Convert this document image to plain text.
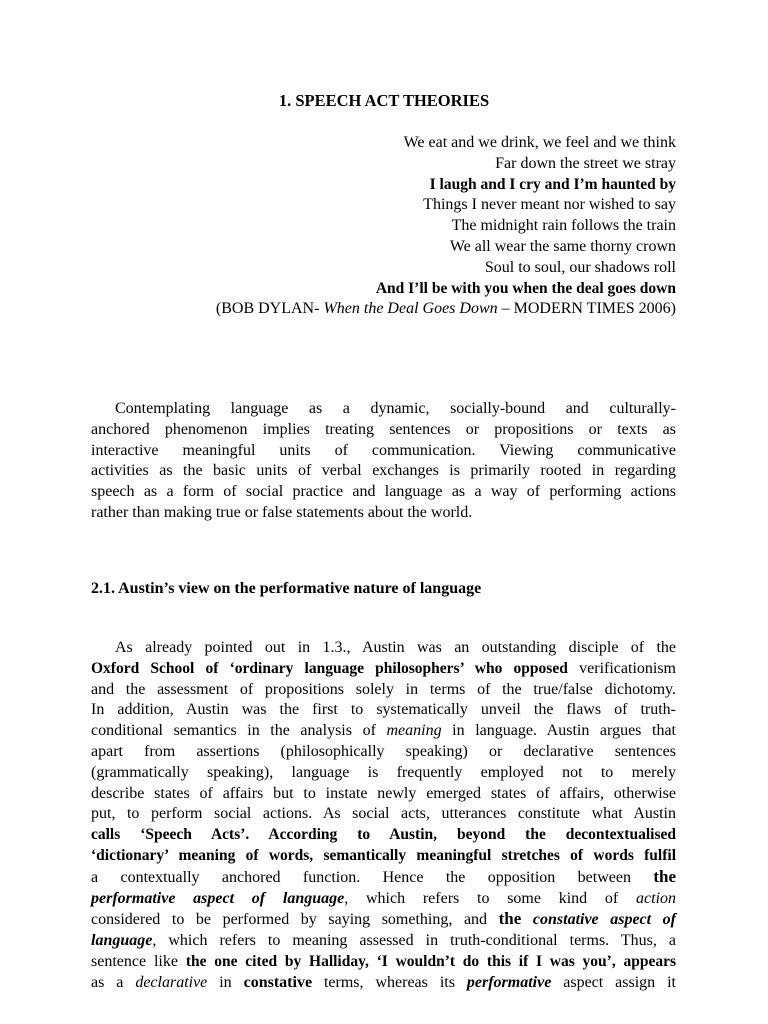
1. SPEECH ACT THEORIES
We eat and we drink, we feel and we think
Far down the street we stray
I laugh and I cry and I’m haunted by
Things I never meant nor wished to say
The midnight rain follows the train
We all wear the same thorny crown
Soul to soul, our shadows roll
And I’ll be with you when the deal goes down
(BOB DYLAN- When the Deal Goes Down – MODERN TIMES 2006)
Contemplating language as a dynamic, socially-bound and culturally-
anchored phenomenon implies treating sentences or propositions or texts as
interactive meaningful units of communication. Viewing communicative
activities as the basic units of verbal exchanges is primarily rooted in regarding
speech as a form of social practice and language as a way of performing actions
rather than making true or false statements about the world.
2.1. Austin’s view on the performative nature of language
As already pointed out in 1.3., Austin was an outstanding disciple of the
Oxford School of ‘ordinary language philosophers’ who opposed verificationism
and the assessment of propositions solely in terms of the true/false dichotomy.
In addition, Austin was the first to systematically unveil the flaws of truth-
conditional semantics in the analysis of meaning in language. Austin argues that
apart from assertions (philosophically speaking) or declarative sentences
(grammatically speaking), language is frequently employed not to merely
describe states of affairs but to instate newly emerged states of affairs, otherwise
put, to perform social actions. As social acts, utterances constitute what Austin
calls ‘Speech Acts’. According to Austin, beyond the decontextualised
‘dictionary’ meaning of words, semantically meaningful stretches of words fulfil
a contextually anchored function. Hence the opposition between the
performative aspect of language, which refers to some kind of action
considered to be performed by saying something, and the constative aspect of
language, which refers to meaning assessed in truth-conditional terms. Thus, a
sentence like the one cited by Halliday, ‘I wouldn’t do this if I was you’, appears
as a declarative in constative terms, whereas its performative aspect assign it
